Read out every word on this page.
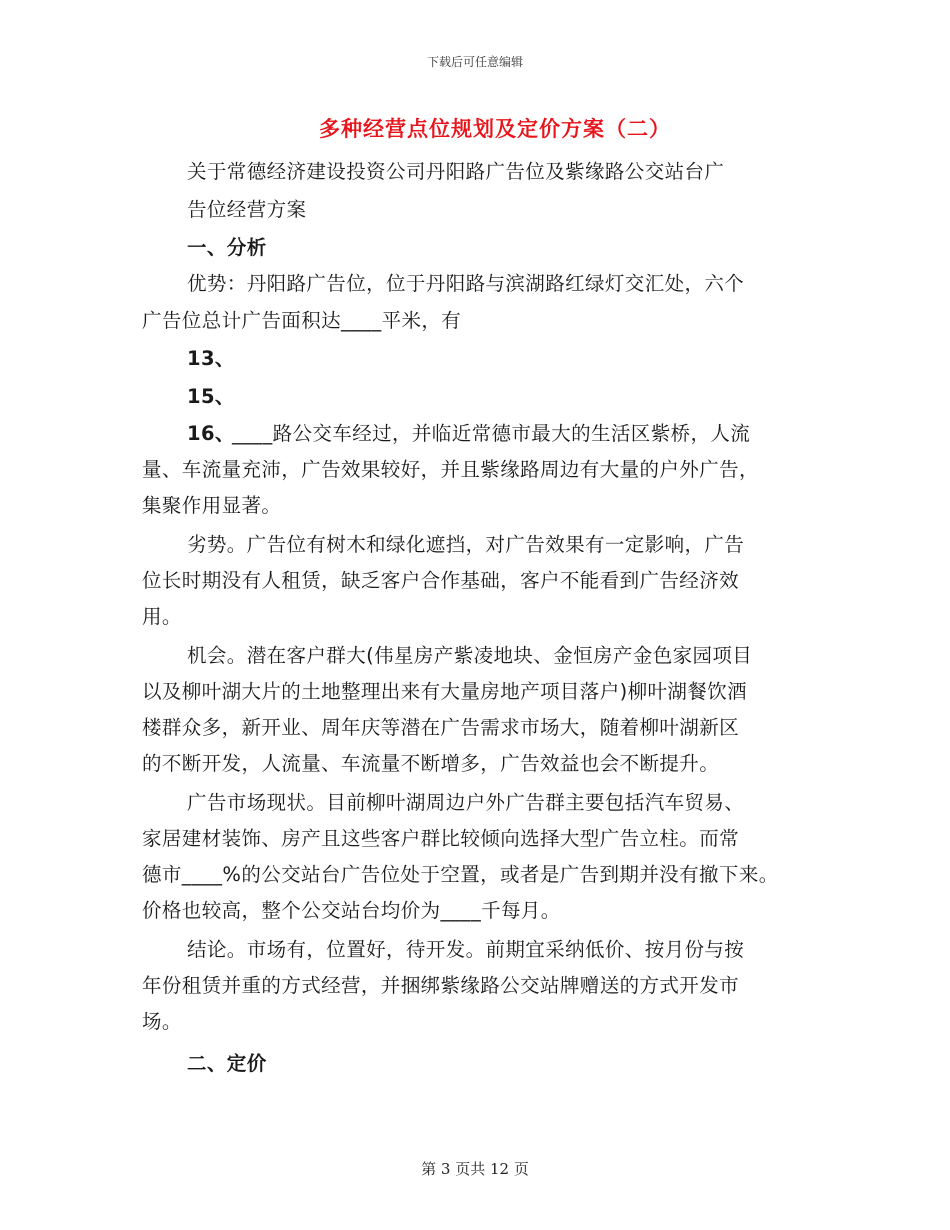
下载后可任意编辑
多种经营点位规划及定价方案（二）
关于常德经济建设投资公司丹阳路广告位及紫缘路公交站台广
告位经营方案
一、分析
优势：丹阳路广告位，位于丹阳路与滨湖路红绿灯交汇处，六个
广告位总计广告面积达____平米，有
13、
15、
16、
____路公交车经过，并临近常德市最大的生活区紫桥，人流
量、车流量充沛，广告效果较好，并且紫缘路周边有大量的户外广告，
集聚作用显著。
劣势。广告位有树木和绿化遮挡，对广告效果有一定影响，广告
位长时期没有人租赁，缺乏客户合作基础，客户不能看到广告经济效
用。
机会。潜在客户群大(伟星房产紫凌地块、金恒房产金色家园项目
以及柳叶湖大片的土地整理出来有大量房地产项目落户)柳叶湖餐饮酒
楼群众多，新开业、周年庆等潜在广告需求市场大，随着柳叶湖新区
的不断开发，人流量、车流量不断增多，广告效益也会不断提升。
广告市场现状。目前柳叶湖周边户外广告群主要包括汽车贸易、
家居建材装饰、房产且这些客户群比较倾向选择大型广告立柱。而常
德市____%的公交站台广告位处于空置，或者是广告到期并没有撤下来。
价格也较高，整个公交站台均价为____千每月。
结论。市场有，位置好，待开发。前期宜采纳低价、按月份与按
年份租赁并重的方式经营，并捆绑紫缘路公交站牌赠送的方式开发市
场。
二、定价
第 3 页共 12 页
